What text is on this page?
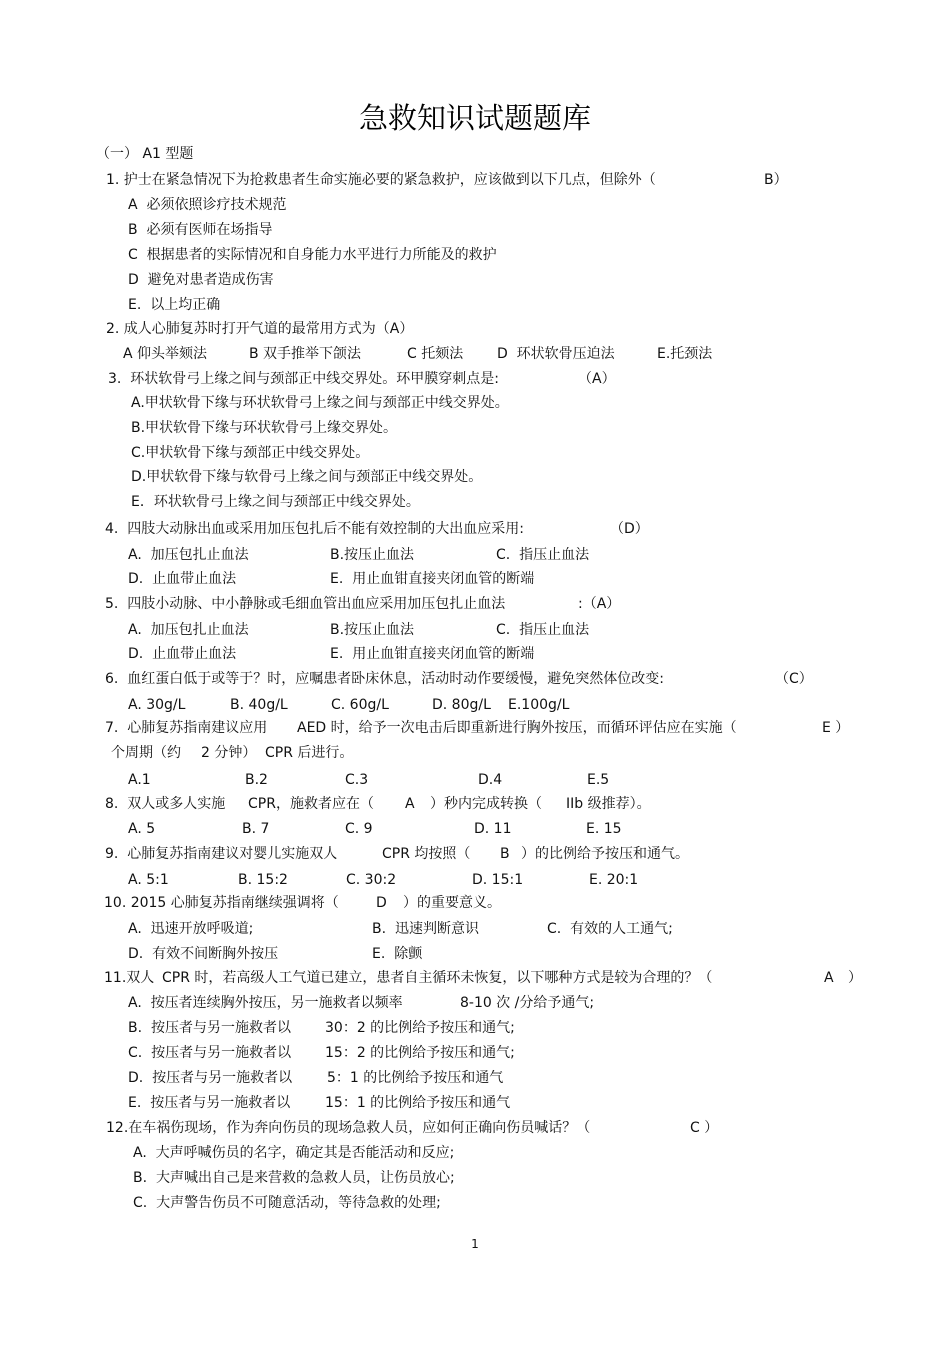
急救知识试题题库
（一） A1 型题
1. 护士在紧急情况下为抢救患者生命实施必要的紧急救护，应该做到以下几点，但除外（	B）
A  必须依照诊疗技术规范
B  必须有医师在场指导
C  根据患者的实际情况和自身能力水平进行力所能及的救护
D  避免对患者造成伤害
E.  以上均正确
2. 成人心肺复苏时打开气道的最常用方式为（A）
A 仰头举颏法	B 双手推举下颌法	C 托颏法 D  环状软骨压迫法	E.托颈法
3.  环状软骨弓上缘之间与颈部正中线交界处。环甲膜穿刺点是:	（A）
A.甲状软骨下缘与环状软骨弓上缘之间与颈部正中线交界处。
B.甲状软骨下缘与环状软骨弓上缘交界处。
C.甲状软骨下缘与颈部正中线交界处。
D.甲状软骨下缘与软骨弓上缘之间与颈部正中线交界处。
E．环状软骨弓上缘之间与颈部正中线交界处。
4.  四肢大动脉出血或采用加压包扎后不能有效控制的大出血应采用:	（D）
A.  加压包扎止血法	B.按压止血法	C.  指压止血法
D.  止血带止血法	E.  用止血钳直接夹闭血管的断端
5.  四肢小动脉、中小静脉或毛细血管出血应采用加压包扎止血法	:（A）
A.  加压包扎止血法	B.按压止血法	C.  指压止血法
D.  止血带止血法	E.  用止血钳直接夹闭血管的断端
6.  血红蛋白低于或等于？时，应嘱患者卧床休息，活动时动作要缓慢，避免突然体位改变:	（C）
A. 30g/L	B. 40g/L	C. 60g/L	D. 80g/L E.100g/L
7.  心肺复苏指南建议应用 AED 时，给予一次电击后即重新进行胸外按压，而循环评估应在实施（	E ）
个周期（约 2 分钟） CPR 后进行。
A.1	B.2	C.3	D.4	E.5
8.  双人或多人实施 CPR，施救者应在（ A ）秒内完成转换（ IIb 级推荐）。
A. 5	B. 7	C. 9	D. 11	E. 15
9.  心肺复苏指南建议对婴儿实施双人	CPR 均按照（ B ）的比例给予按压和通气。
A. 5:1	B. 15:2	C. 30:2	D. 15:1	E. 20:1
10. 2015 心肺复苏指南继续强调将（	D ）的重要意义。
A.  迅速开放呼吸道;	B.  迅速判断意识	C.  有效的人工通气;
D.  有效不间断胸外按压	E.  除颤
11.双人 CPR 时，若高级人工气道已建立，患者自主循环未恢复，以下哪种方式是较为合理的？（	A ）
A.  按压者连续胸外按压，另一施救者以频率	8-10 次 /分给予通气;
B.  按压者与另一施救者以 30：2 的比例给予按压和通气;
C.  按压者与另一施救者以 15：2 的比例给予按压和通气;
D.  按压者与另一施救者以 5：1 的比例给予按压和通气
E.  按压者与另一施救者以 15：1 的比例给予按压和通气
12.在车祸伤现场，作为奔向伤员的现场急救人员，应如何正确向伤员喊话？（	C ）
A.  大声呼喊伤员的名字，确定其是否能活动和反应;
B.  大声喊出自己是来营救的急救人员，让伤员放心;
C.  大声警告伤员不可随意活动，等待急救的处理;
1
